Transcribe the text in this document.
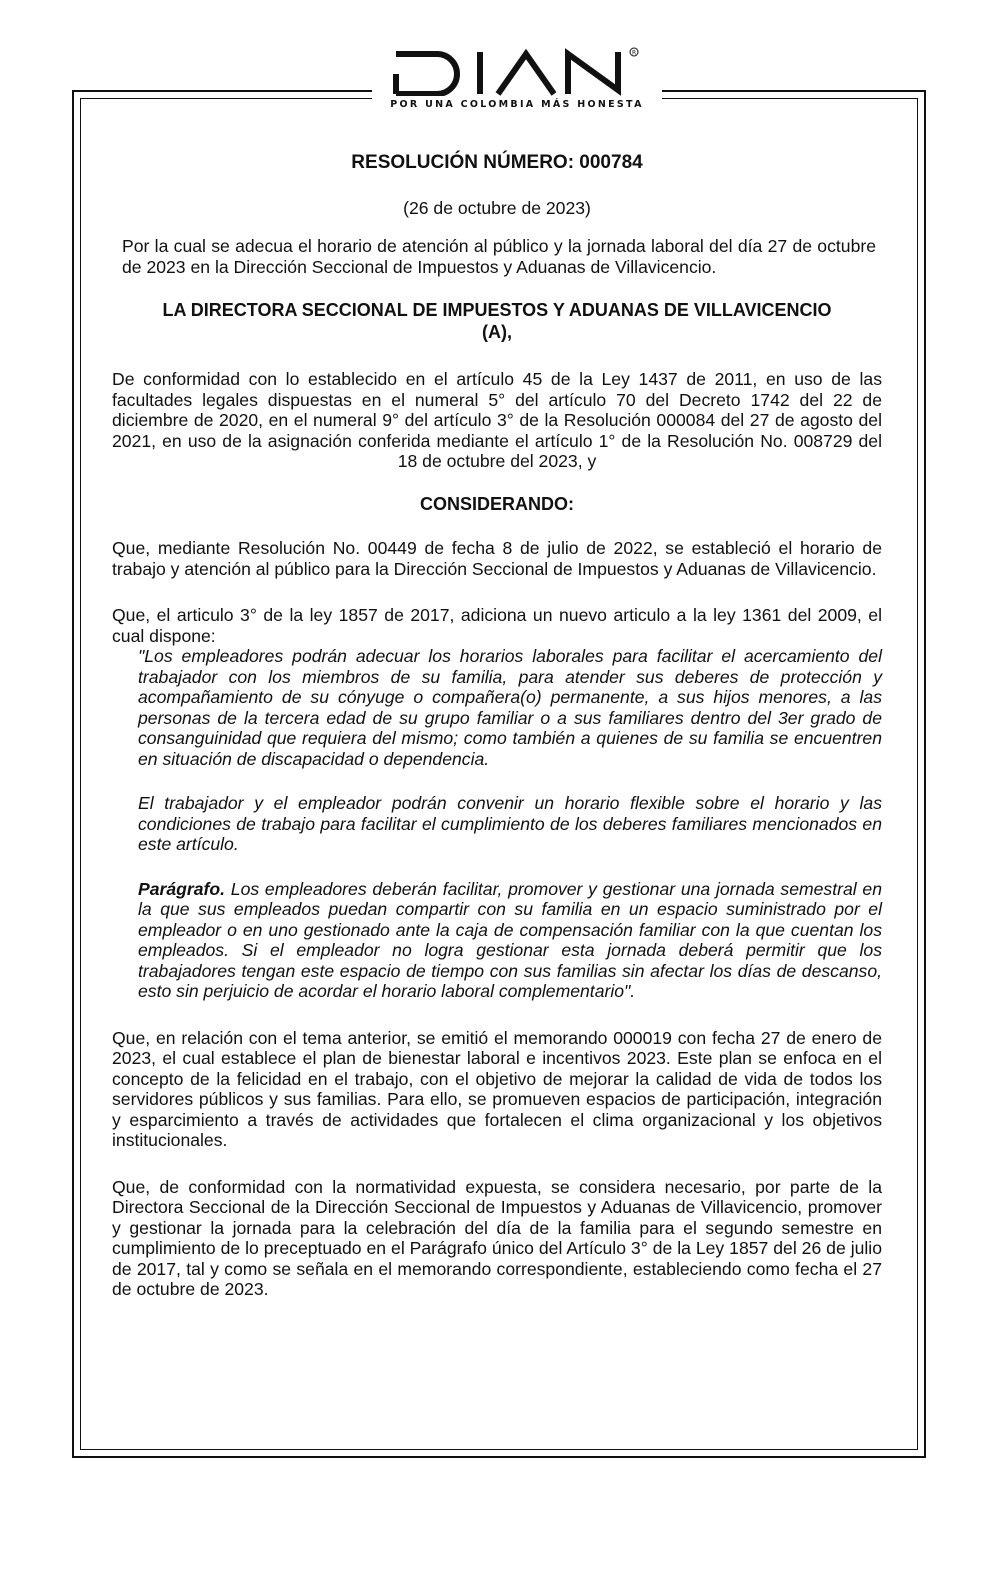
R
POR UNA COLOMBIA MÁS HONESTA
RESOLUCIÓN NÚMERO: 000784
(26 de octubre de 2023)
Por la cual se adecua el horario de atención al público y la jornada laboral del día 27 de octubre de 2023 en la Dirección Seccional de Impuestos y Aduanas de Villavicencio.
LA DIRECTORA SECCIONAL DE IMPUESTOS Y ADUANAS DE VILLAVICENCIO
(A),

De conformidad con lo establecido en el artículo 45 de la Ley 1437 de 2011, en uso de las facultades legales dispuestas en el numeral 5° del artículo 70 del Decreto 1742 del 22 de diciembre de 2020, en el numeral 9° del artículo 3° de la Resolución 000084 del 27 de agosto del 2021, en uso de la asignación conferida mediante el artículo 1° de la Resolución No. 008729 del 18 de octubre del 2023, y

CONSIDERANDO:

Que, mediante Resolución No. 00449 de fecha 8 de julio de 2022, se estableció el horario de trabajo y atención al público para la Dirección Seccional de Impuestos y Aduanas de Villavicencio.

Que, el articulo 3° de la ley 1857 de 2017, adiciona un nuevo articulo a la ley 1361 del 2009, el cual dispone:

"Los empleadores podrán adecuar los horarios laborales para facilitar el acercamiento del trabajador con los miembros de su familia, para atender sus deberes de protección y acompañamiento de su cónyuge o compañera(o) permanente, a sus hijos menores, a las personas de la tercera edad de su grupo familiar o a sus familiares dentro del 3er grado de consanguinidad que requiera del mismo; como también a quienes de su familia se encuentren en situación de discapacidad o dependencia.

El trabajador y el empleador podrán convenir un horario flexible sobre el horario y las condiciones de trabajo para facilitar el cumplimiento de los deberes familiares mencionados en este artículo.

Parágrafo. Los empleadores deberán facilitar, promover y gestionar una jornada semestral en la que sus empleados puedan compartir con su familia en un espacio suministrado por el empleador o en uno gestionado ante la caja de compensación familiar con la que cuentan los empleados. Si el empleador no logra gestionar esta jornada deberá permitir que los trabajadores tengan este espacio de tiempo con sus familias sin afectar los días de descanso, esto sin perjuicio de acordar el horario laboral complementario".

Que, en relación con el tema anterior, se emitió el memorando 000019 con fecha 27 de enero de 2023, el cual establece el plan de bienestar laboral e incentivos 2023. Este plan se enfoca en el concepto de la felicidad en el trabajo, con el objetivo de mejorar la calidad de vida de todos los servidores públicos y sus familias. Para ello, se promueven espacios de participación, integración y esparcimiento a través de actividades que fortalecen el clima organizacional y los objetivos institucionales.

Que, de conformidad con la normatividad expuesta, se considera necesario, por parte de la Directora Seccional de la Dirección Seccional de Impuestos y Aduanas de Villavicencio, promover y gestionar la jornada para la celebración del día de la familia para el segundo semestre en cumplimiento de lo preceptuado en el Parágrafo único del Artículo 3° de la Ley 1857 del 26 de julio de 2017, tal y como se señala en el memorando correspondiente, estableciendo como fecha el 27 de octubre de 2023.
